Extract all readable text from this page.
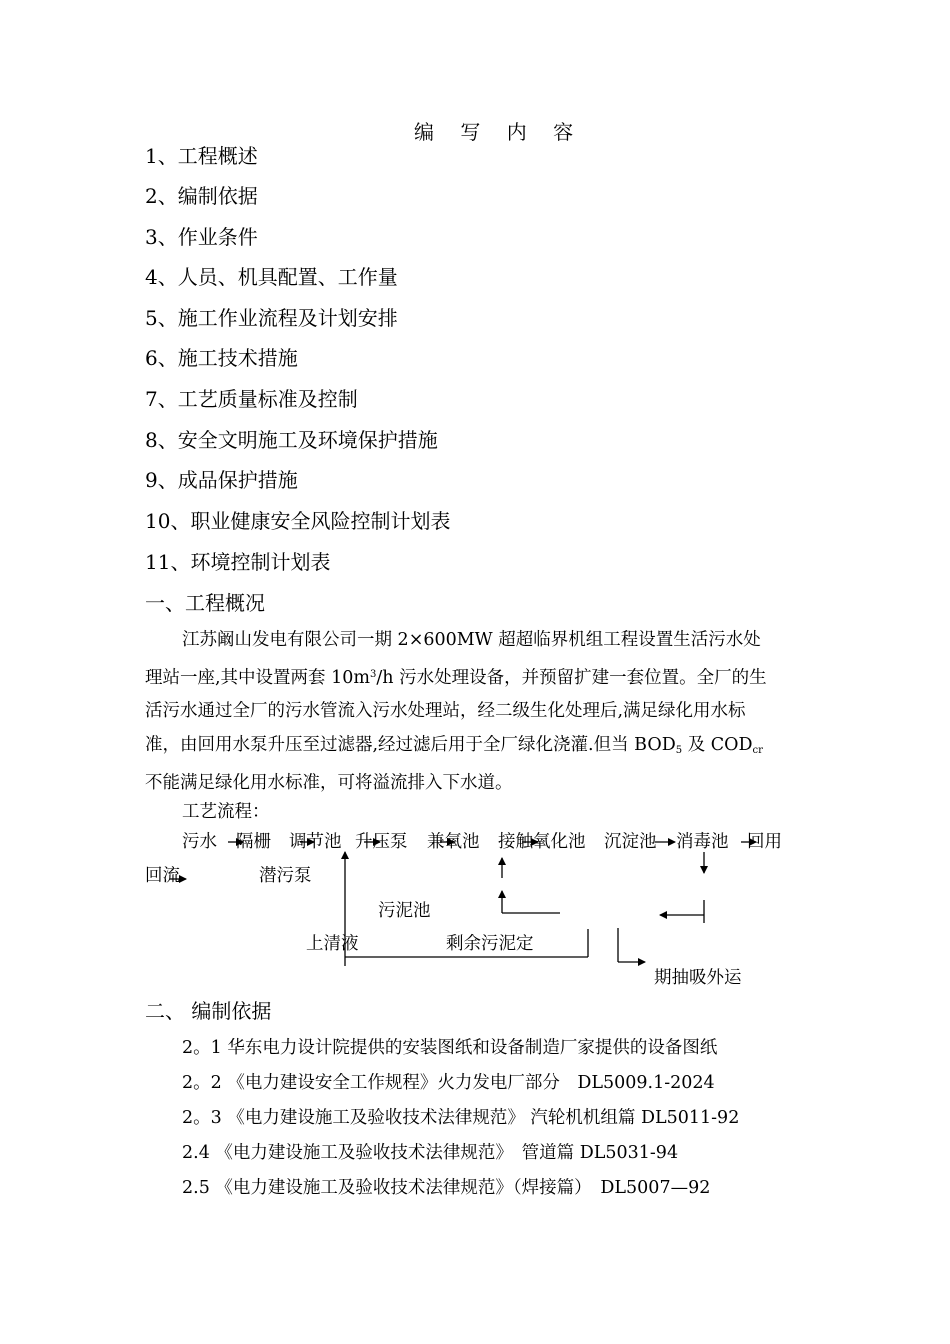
编 写 内 容
1、工程概述
2、编制依据
3、作业条件
4、人员、机具配置、工作量
5、施工作业流程及计划安排
6、施工技术措施
7、工艺质量标准及控制
8、安全文明施工及环境保护措施
9、成品保护措施
10、职业健康安全风险控制计划表
11、环境控制计划表
一、工程概况
江苏阚山发电有限公司一期 2×600MW 超超临界机组工程设置生活污水处
理站一座,其中设置两套 $10m^3/h$ 污水处理设备，并预留扩建一套位置。全厂的生
活污水通过全厂的污水管流入污水处理站，经二级生化处理后,满足绿化用水标
准，由回用水泵升压至过滤器,经过滤后用于全厂绿化浇灌.但当 $BOD_5$ 及 $COD_{cr}$
不能满足绿化用水标准，可将溢流排入下水道。
工艺流程：
污水 隔栅 调节池 升压泵 兼氧池 接触氧化池 沉淀池 消毒池 回用
回流	潜污泵
污泥池
上清液	剩余污泥定
期抽吸外运
二、 编制依据
2。1 华东电力设计院提供的安装图纸和设备制造厂家提供的设备图纸
2。2 《电力建设安全工作规程》火力发电厂部分　DL5009.1-2024
2。3 《电力建设施工及验收技术法律规范》 汽轮机机组篇 DL5011-92
2.4 《电力建设施工及验收技术法律规范》　管道篇 DL5031-94
2.5 《电力建设施工及验收技术法律规范》（焊接篇）　DL5007—92
